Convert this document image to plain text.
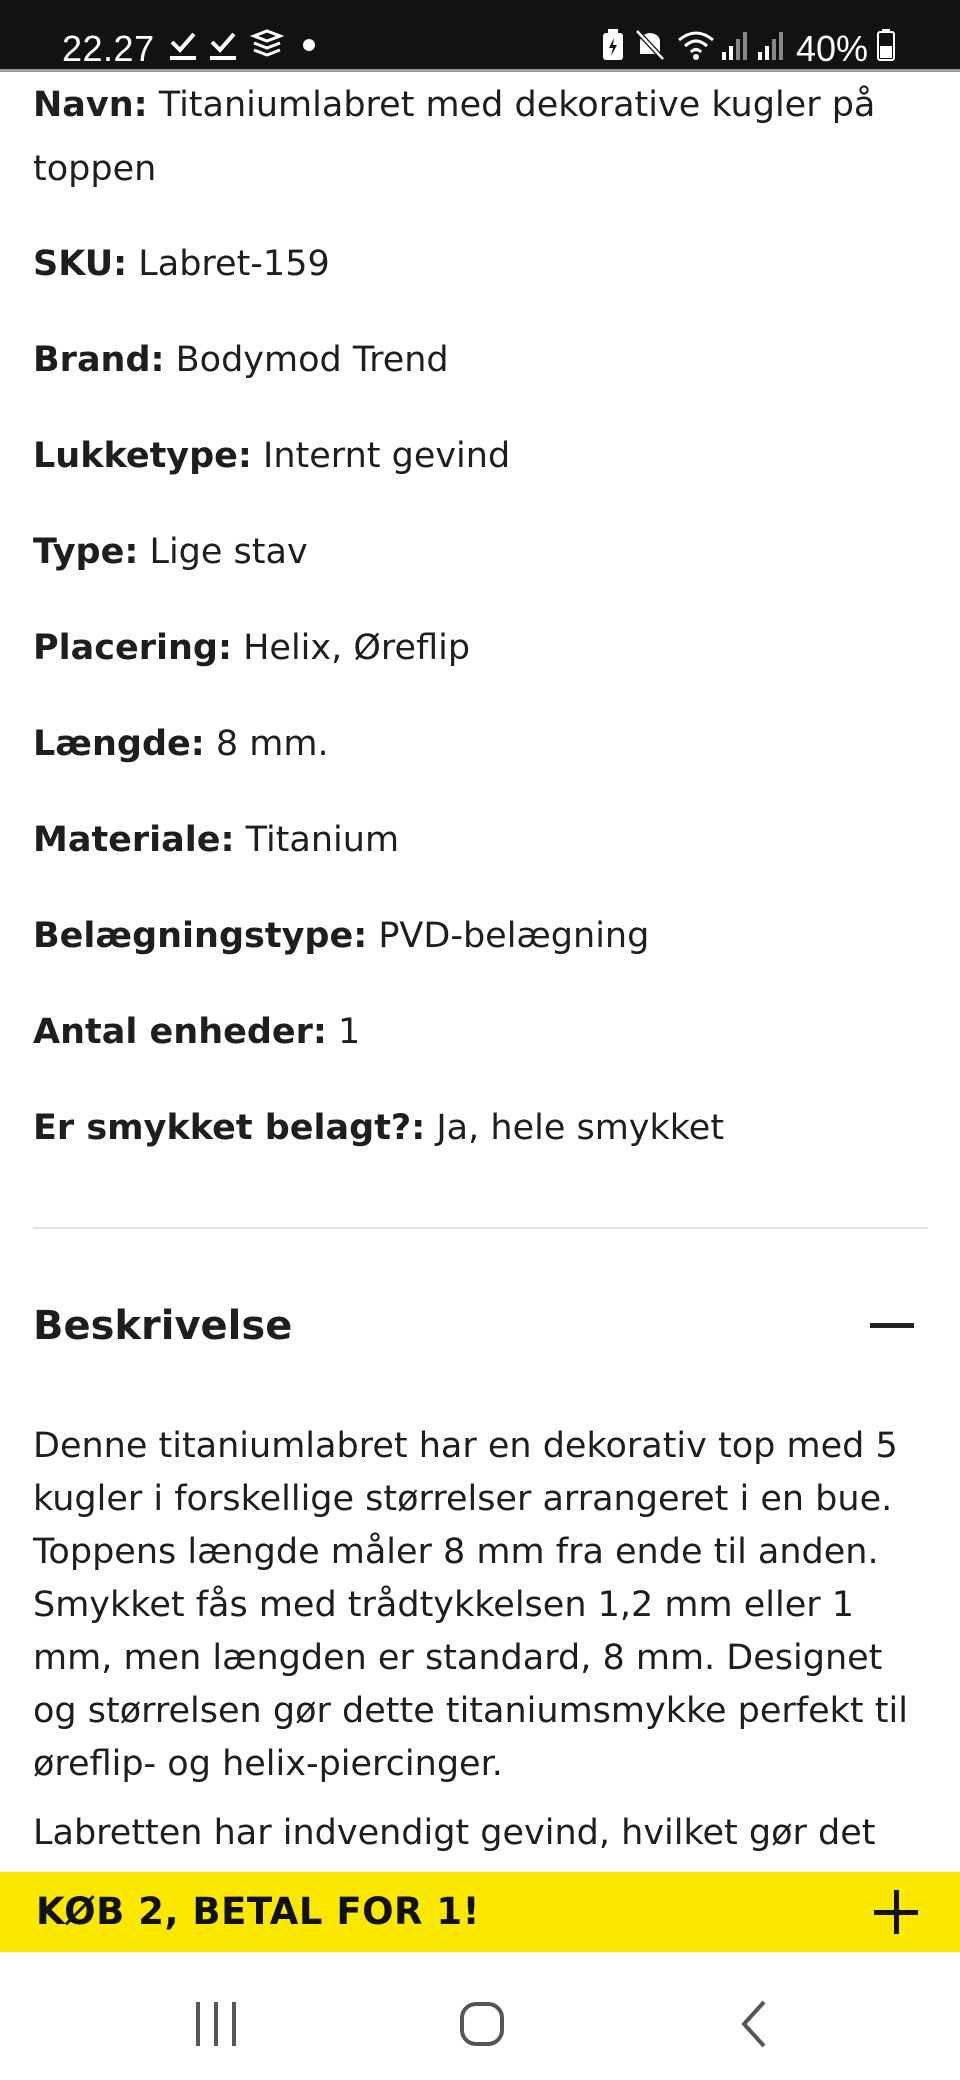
22.27	40%

Navn: Titaniumlabret med dekorative kugler på toppen

SKU: Labret-159

Brand: Bodymod Trend

Lukketype: Internt gevind

Type: Lige stav

Placering: Helix, Øreflip

Længde: 8 mm.

Materiale: Titanium

Belægningstype: PVD-belægning

Antal enheder: 1

Er smykket belagt?: Ja, hele smykket

Beskrivelse

Denne titaniumlabret har en dekorativ top med 5 kugler i forskellige størrelser arrangeret i en bue. Toppens længde måler 8 mm fra ende til anden. Smykket fås med trådtykkelsen 1,2 mm eller 1 mm, men længden er standard, 8 mm. Designet og størrelsen gør dette titaniumsmykke perfekt til øreflip- og helix-piercinger.

Labretten har indvendigt gevind, hvilket gør det

KØB 2, BETAL FOR 1!
